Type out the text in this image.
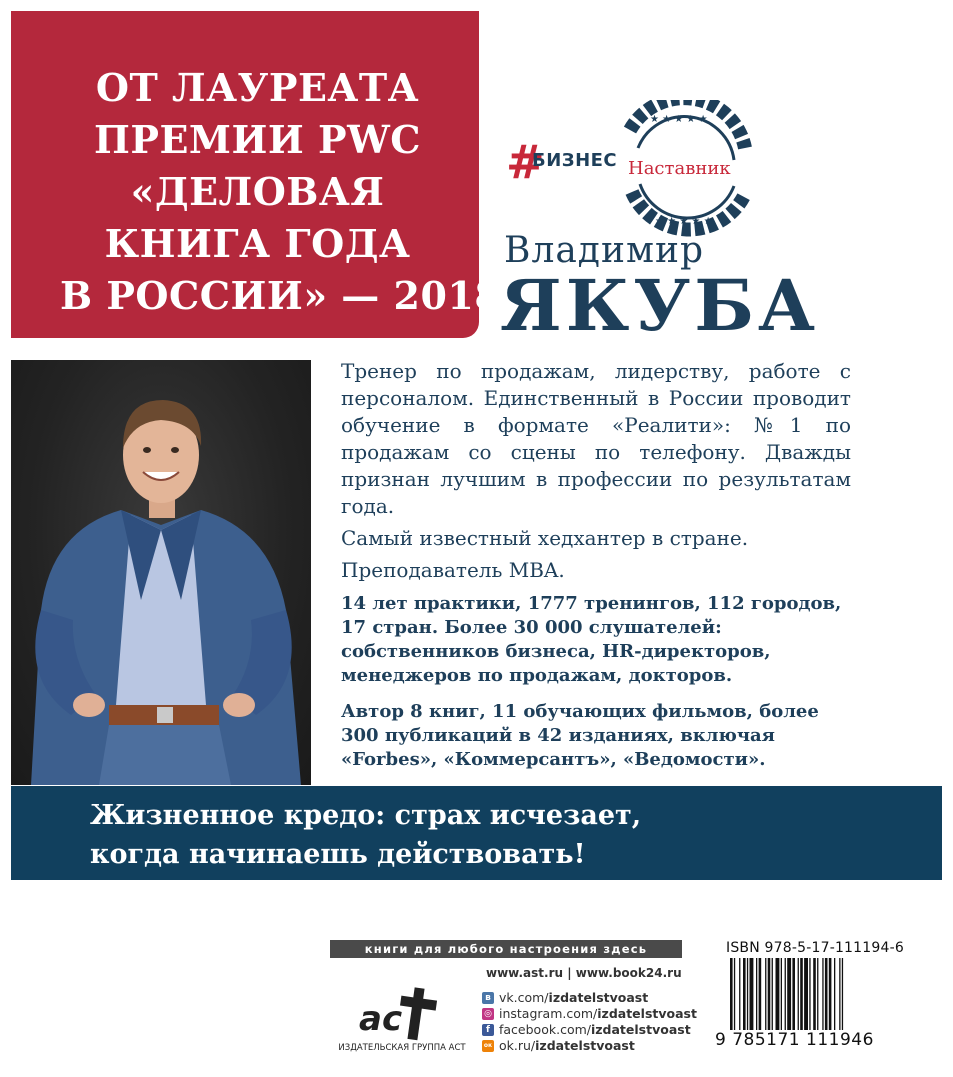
ОТ ЛАУРЕАТА
ПРЕМИИ PWC
«ДЕЛОВАЯ
КНИГА ГОДА
В РОССИИ» — 2018
★ ★ ★ ★ ★
★ ★ ★ ★ ★
#
БИЗНЕС Наставник
Владимир
ЯКУБА

Тренер по продажам, лидерству, работе с персоналом. Единственный в России проводит обучение в формате «Реалити»: №1 по продажам со сцены по телефону. Дважды признан лучшим в профессии по результатам года.

Самый известный хедхантер в стране.

Преподаватель MBA.

14 лет практики, 1777 тренингов, 112 городов, 17 стран. Более 30 000 слушателей: собственников бизнеса, HR-директоров, менеджеров по продажам, докторов.

Автор 8 книг, 11 обучающих фильмов, более 300 публикаций в 42 изданиях, включая «Forbes», «Коммерсантъ», «Ведомости».

Жизненное кредо: страх исчезает,
когда начинаешь действовать!
книги для любого настроения здесь
ac
ИЗДАТЕЛЬСКАЯ ГРУППА АСТ
www.ast.ru | www.book24.ru
в vk.com/ izdatelstvoast
◎ instagram.com/ izdatelstvoast
f facebook.com/ izdatelstvoast
ок ok.ru/ izdatelstvoast
ISBN 978-5-17-111194-6
9 785171 111946
